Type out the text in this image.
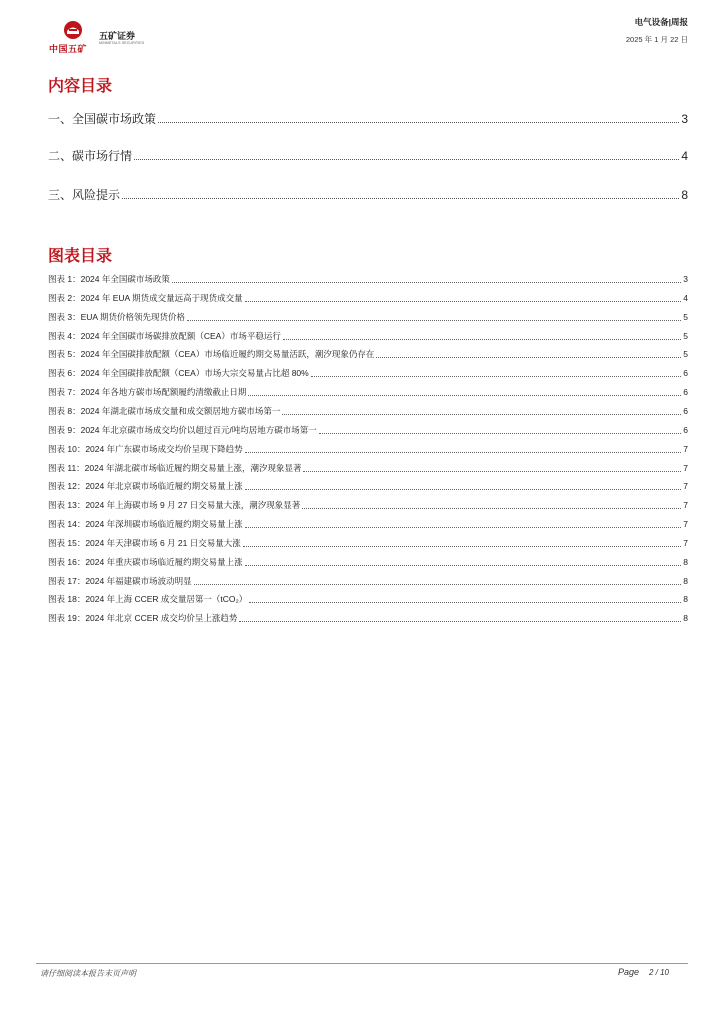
中国五矿
五矿证券
MINMETALS SECURITIES
电气设备|周报
2025 年 1 月 22 日
内容目录
一、全国碳市场政策	3
二、碳市场行情	4
三、风险提示	8
图表目录
图表 1：2024 年全国碳市场政策	3
图表 2：2024 年 EUA 期货成交量远高于现货成交量	4
图表 3：EUA 期货价格领先现货价格	5
图表 4：2024 年全国碳市场碳排放配额（CEA）市场平稳运行	5
图表 5：2024 年全国碳排放配额（CEA）市场临近履约期交易量活跃，潮汐现象仍存在	5
图表 6：2024 年全国碳排放配额（CEA）市场大宗交易量占比超 80%	6
图表 7：2024 年各地方碳市场配额履约清缴截止日期	6
图表 8：2024 年湖北碳市场成交量和成交额居地方碳市场第一	6
图表 9：2024 年北京碳市场成交均价以超过百元/吨均居地方碳市场第一	6
图表 10：2024 年广东碳市场成交均价呈现下降趋势	7
图表 11：2024 年湖北碳市场临近履约期交易量上涨，潮汐现象显著	7
图表 12：2024 年北京碳市场临近履约期交易量上涨	7
图表 13：2024 年上海碳市场 9 月 27 日交易量大涨，潮汐现象显著	7
图表 14：2024 年深圳碳市场临近履约期交易量上涨	7
图表 15：2024 年天津碳市场 6 月 21 日交易量大涨	7
图表 16：2024 年重庆碳市场临近履约期交易量上涨	8
图表 17：2024 年福建碳市场波动明显	8
图表 18：2024 年上海 CCER 成交量居第一（tCO₂）	8
图表 19：2024 年北京 CCER 成交均价呈上涨趋势	8
请仔细阅读本报告末页声明	Page 2 / 10
